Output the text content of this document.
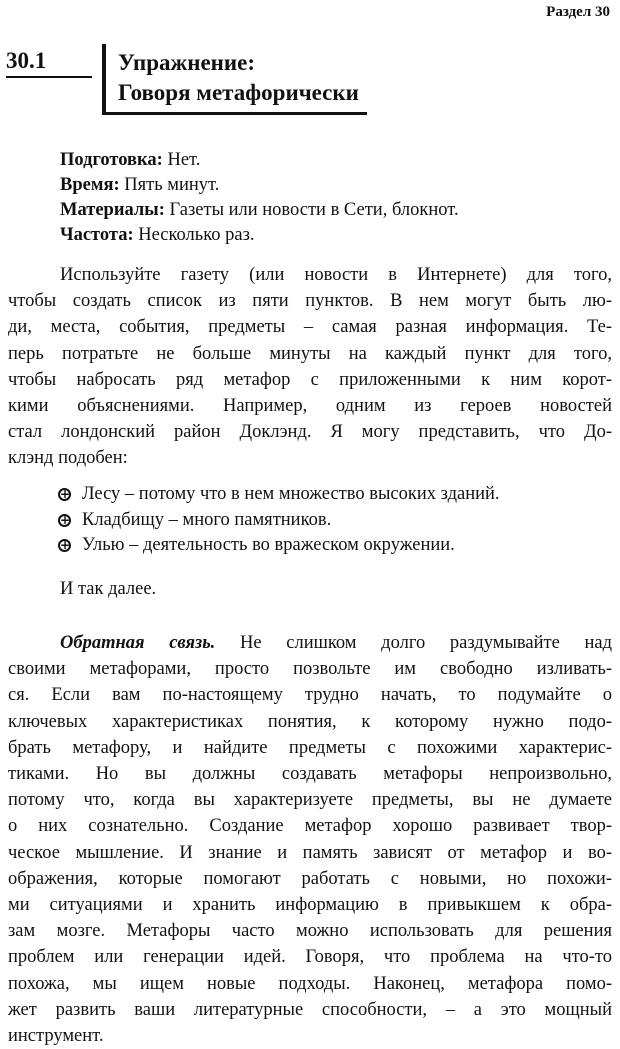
Раздел 30
30.1	Упражнение:
Говоря метафорически
Подготовка: Нет.
Время: Пять минут.
Материалы: Газеты или новости в Сети, блокнот.
Частота: Несколько раз.
Используйте газету (или новости в Интернете) для того,
чтобы создать список из пяти пунктов. В нем могут быть лю-
ди, места, события, предметы – самая разная информация. Те-
перь потратьте не больше минуты на каждый пункт для того,
чтобы набросать ряд метафор с приложенными к ним корот-
кими объяснениями. Например, одним из героев новостей
стал лондонский район Доклэнд. Я могу представить, что До-
клэнд подобен:
+
Лесу – потому что в нем множество высоких зданий.
+
Кладбищу – много памятников.
+
Улью – деятельность во вражеском окружении.
И так далее.
Обратная связь. Не слишком долго раздумывайте над
своими метафорами, просто позвольте им свободно изливать-
ся. Если вам по-настоящему трудно начать, то подумайте о
ключевых характеристиках понятия, к которому нужно подо-
брать метафору, и найдите предметы с похожими характерис-
тиками. Но вы должны создавать метафоры непроизвольно,
потому что, когда вы характеризуете предметы, вы не думаете
о них сознательно. Создание метафор хорошо развивает твор-
ческое мышление. И знание и память зависят от метафор и во-
ображения, которые помогают работать с новыми, но похожи-
ми ситуациями и хранить информацию в привыкшем к обра-
зам мозге. Метафоры часто можно использовать для решения
проблем или генерации идей. Говоря, что проблема на что-то
похожа, мы ищем новые подходы. Наконец, метафора помо-
жет развить ваши литературные способности, – а это мощный
инструмент.
